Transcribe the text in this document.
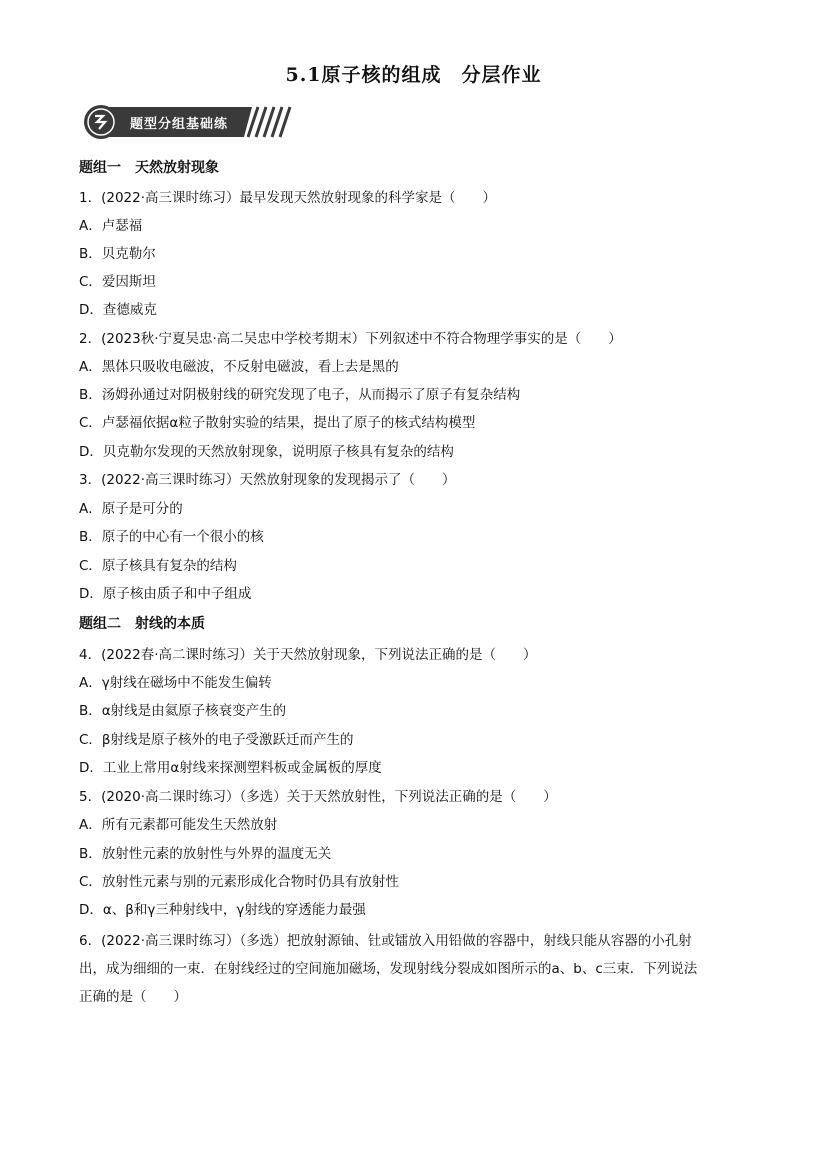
5.1原子核的组成　分层作业
题型分组基础练
题组一　天然放射现象
1．(2022·高三课时练习）最早发现天然放射现象的科学家是（　　）
A．卢瑟福
B．贝克勒尔
C．爱因斯坦
D．查德威克
2．(2023秋·宁夏吴忠·高二吴忠中学校考期末）下列叙述中不符合物理学事实的是（　　）
A．黑体只吸收电磁波，不反射电磁波，看上去是黑的
B．汤姆孙通过对阴极射线的研究发现了电子，从而揭示了原子有复杂结构
C．卢瑟福依据α粒子散射实验的结果，提出了原子的核式结构模型
D．贝克勒尔发现的天然放射现象，说明原子核具有复杂的结构
3．(2022·高三课时练习）天然放射现象的发现揭示了（　　）
A．原子是可分的
B．原子的中心有一个很小的核
C．原子核具有复杂的结构
D．原子核由质子和中子组成
题组二　射线的本质
4．(2022春·高二课时练习）关于天然放射现象，下列说法正确的是（　　）
A．γ射线在磁场中不能发生偏转
B．α射线是由氦原子核衰变产生的
C．β射线是原子核外的电子受激跃迁而产生的
D．工业上常用α射线来探测塑料板或金属板的厚度
5．(2020·高二课时练习）（多选）关于天然放射性，下列说法正确的是（　　）
A．所有元素都可能发生天然放射
B．放射性元素的放射性与外界的温度无关
C．放射性元素与别的元素形成化合物时仍具有放射性
D．α、β和γ三种射线中，γ射线的穿透能力最强
6．(2022·高三课时练习）（多选）把放射源铀、钍或镭放入用铅做的容器中，射线只能从容器的小孔射
出，成为细细的一束．在射线经过的空间施加磁场，发现射线分裂成如图所示的a、b、c三束．下列说法
正确的是（　　）
